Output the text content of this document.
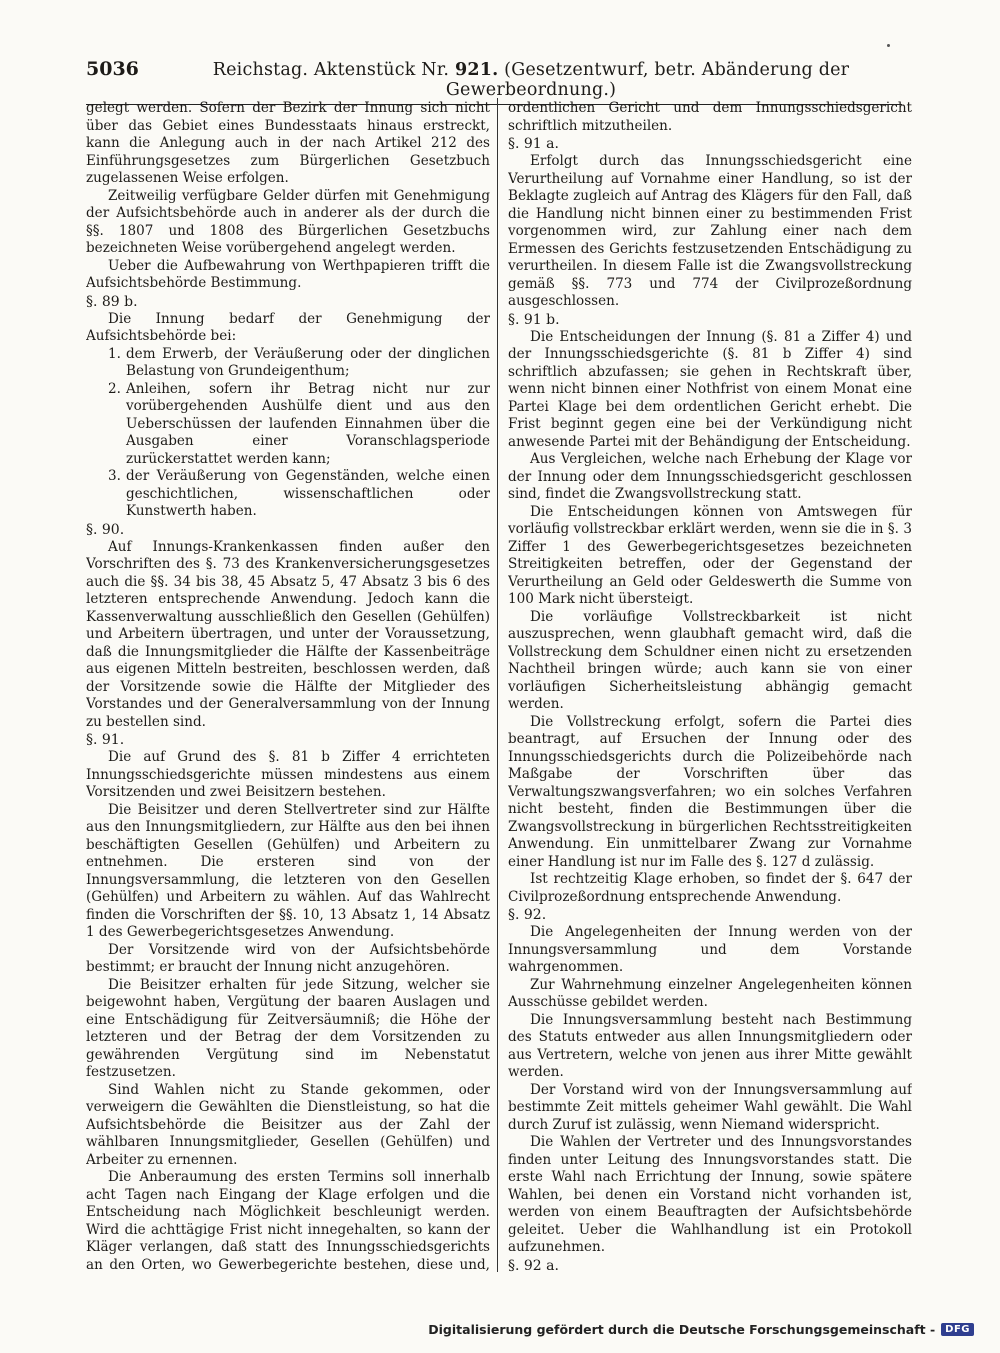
5036	Reichstag. Aktenstück Nr. 921. (Gesetzentwurf, betr. Abänderung der Gewerbeordnung.)

gelegt werden. Sofern der Bezirk der Innung sich nicht über das Gebiet eines Bundesstaats hinaus erstreckt, kann die Anlegung auch in der nach Artikel 212 des Einführungsgesetzes zum Bürgerlichen Gesetzbuch zugelassenen Weise erfolgen.

Zeitweilig verfügbare Gelder dürfen mit Genehmigung der Aufsichtsbehörde auch in anderer als der durch die §§. 1807 und 1808 des Bürgerlichen Gesetzbuchs bezeichneten Weise vorübergehend angelegt werden.

Ueber die Aufbewahrung von Werthpapieren trifft die Aufsichtsbehörde Bestimmung.

§. 89 b.

Die Innung bedarf der Genehmigung der Aufsichtsbehörde bei:

1. dem Erwerb, der Veräußerung oder der dinglichen Belastung von Grundeigenthum;
2. Anleihen, sofern ihr Betrag nicht nur zur vorübergehenden Aushülfe dient und aus den Ueberschüssen der laufenden Einnahmen über die Ausgaben einer Voranschlagsperiode zurückerstattet werden kann;
3. der Veräußerung von Gegenständen, welche einen geschichtlichen, wissenschaftlichen oder Kunstwerth haben.

§. 90.

Auf Innungs-Krankenkassen finden außer den Vorschriften des §. 73 des Krankenversicherungsgesetzes auch die §§. 34 bis 38, 45 Absatz 5, 47 Absatz 3 bis 6 des letzteren entsprechende Anwendung. Jedoch kann die Kassenverwaltung ausschließlich den Gesellen (Gehülfen) und Arbeitern übertragen, und unter der Voraussetzung, daß die Innungsmitglieder die Hälfte der Kassenbeiträge aus eigenen Mitteln bestreiten, beschlossen werden, daß der Vorsitzende sowie die Hälfte der Mitglieder des Vorstandes und der Generalversammlung von der Innung zu bestellen sind.

§. 91.

Die auf Grund des §. 81 b Ziffer 4 errichteten Innungsschiedsgerichte müssen mindestens aus einem Vorsitzenden und zwei Beisitzern bestehen.

Die Beisitzer und deren Stellvertreter sind zur Hälfte aus den Innungsmitgliedern, zur Hälfte aus den bei ihnen beschäftigten Gesellen (Gehülfen) und Arbeitern zu entnehmen. Die ersteren sind von der Innungsversammlung, die letzteren von den Gesellen (Gehülfen) und Arbeitern zu wählen. Auf das Wahlrecht finden die Vorschriften der §§. 10, 13 Absatz 1, 14 Absatz 1 des Gewerbegerichtsgesetzes Anwendung.

Der Vorsitzende wird von der Aufsichtsbehörde bestimmt; er braucht der Innung nicht anzugehören.

Die Beisitzer erhalten für jede Sitzung, welcher sie beigewohnt haben, Vergütung der baaren Auslagen und eine Entschädigung für Zeitversäumniß; die Höhe der letzteren und der Betrag der dem Vorsitzenden zu gewährenden Vergütung sind im Nebenstatut festzusetzen.

Sind Wahlen nicht zu Stande gekommen, oder verweigern die Gewählten die Dienstleistung, so hat die Aufsichtsbehörde die Beisitzer aus der Zahl der wählbaren Innungsmitglieder, Gesellen (Gehülfen) und Arbeiter zu ernennen.

Die Anberaumung des ersten Termins soll innerhalb acht Tagen nach Eingang der Klage erfolgen und die Entscheidung nach Möglichkeit beschleunigt werden. Wird die achttägige Frist nicht innegehalten, so kann der Kläger verlangen, daß statt des Innungsschiedsgerichts an den Orten, wo Gewerbegerichte bestehen, diese und,

ordentlichen Gericht und dem Innungsschiedsgericht schriftlich mitzutheilen.

§. 91 a.

Erfolgt durch das Innungsschiedsgericht eine Verurtheilung auf Vornahme einer Handlung, so ist der Beklagte zugleich auf Antrag des Klägers für den Fall, daß die Handlung nicht binnen einer zu bestimmenden Frist vorgenommen wird, zur Zahlung einer nach dem Ermessen des Gerichts festzusetzenden Entschädigung zu verurtheilen. In diesem Falle ist die Zwangsvollstreckung gemäß §§. 773 und 774 der Civilprozeßordnung ausgeschlossen.

§. 91 b.

Die Entscheidungen der Innung (§. 81 a Ziffer 4) und der Innungsschiedsgerichte (§. 81 b Ziffer 4) sind schriftlich abzufassen; sie gehen in Rechtskraft über, wenn nicht binnen einer Nothfrist von einem Monat eine Partei Klage bei dem ordentlichen Gericht erhebt. Die Frist beginnt gegen eine bei der Verkündigung nicht anwesende Partei mit der Behändigung der Entscheidung.

Aus Vergleichen, welche nach Erhebung der Klage vor der Innung oder dem Innungsschiedsgericht geschlossen sind, findet die Zwangsvollstreckung statt.

Die Entscheidungen können von Amtswegen für vorläufig vollstreckbar erklärt werden, wenn sie die in §. 3 Ziffer 1 des Gewerbegerichtsgesetzes bezeichneten Streitigkeiten betreffen, oder der Gegenstand der Verurtheilung an Geld oder Geldeswerth die Summe von 100 Mark nicht übersteigt.

Die vorläufige Vollstreckbarkeit ist nicht auszusprechen, wenn glaubhaft gemacht wird, daß die Vollstreckung dem Schuldner einen nicht zu ersetzenden Nachtheil bringen würde; auch kann sie von einer vorläufigen Sicherheitsleistung abhängig gemacht werden.

Die Vollstreckung erfolgt, sofern die Partei dies beantragt, auf Ersuchen der Innung oder des Innungsschiedsgerichts durch die Polizeibehörde nach Maßgabe der Vorschriften über das Verwaltungszwangsverfahren; wo ein solches Verfahren nicht besteht, finden die Bestimmungen über die Zwangsvollstreckung in bürgerlichen Rechtsstreitigkeiten Anwendung. Ein unmittelbarer Zwang zur Vornahme einer Handlung ist nur im Falle des §. 127 d zulässig.

Ist rechtzeitig Klage erhoben, so findet der §. 647 der Civilprozeßordnung entsprechende Anwendung.

§. 92.

Die Angelegenheiten der Innung werden von der Innungsversammlung und dem Vorstande wahrgenommen.

Zur Wahrnehmung einzelner Angelegenheiten können Ausschüsse gebildet werden.

Die Innungsversammlung besteht nach Bestimmung des Statuts entweder aus allen Innungsmitgliedern oder aus Vertretern, welche von jenen aus ihrer Mitte gewählt werden.

Der Vorstand wird von der Innungsversammlung auf bestimmte Zeit mittels geheimer Wahl gewählt. Die Wahl durch Zuruf ist zulässig, wenn Niemand widerspricht.

Die Wahlen der Vertreter und des Innungsvorstandes finden unter Leitung des Innungsvorstandes statt. Die erste Wahl nach Errichtung der Innung, sowie spätere Wahlen, bei denen ein Vorstand nicht vorhanden ist, werden von einem Beauftragten der Aufsichtsbehörde geleitet. Ueber die Wahlhandlung ist ein Protokoll aufzunehmen.

§. 92 a.

Digitalisierung gefördert durch die Deutsche Forschungsgemeinschaft -	DFG
